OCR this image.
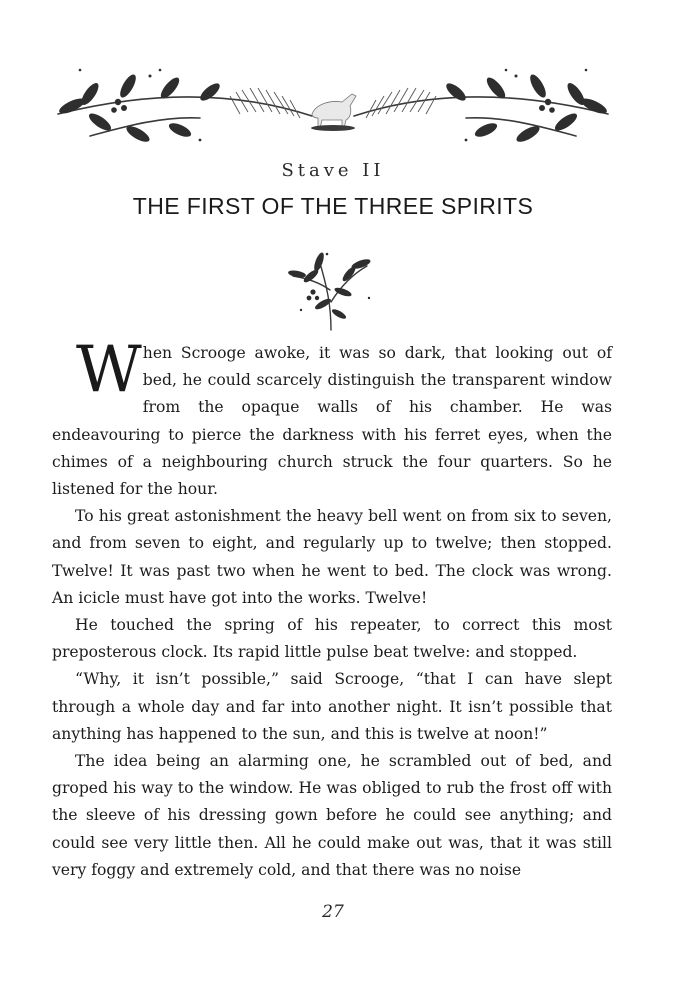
Stave II
THE FIRST OF THE THREE SPIRITS

When Scrooge awoke, it was so dark, that looking out of bed, he could scarcely distinguish the transparent window from the opaque walls of his chamber. He was endeavouring to pierce the darkness with his ferret eyes, when the chimes of a neighbouring church struck the four quarters. So he listened for the hour.

To his great astonishment the heavy bell went on from six to seven, and from seven to eight, and regularly up to twelve; then stopped. Twelve! It was past two when he went to bed. The clock was wrong. An icicle must have got into the works. Twelve!

He touched the spring of his repeater, to correct this most preposterous clock. Its rapid little pulse beat twelve: and stopped.

“Why, it isn’t possible,” said Scrooge, “that I can have slept through a whole day and far into another night. It isn’t possible that anything has happened to the sun, and this is twelve at noon!”

The idea being an alarming one, he scrambled out of bed, and groped his way to the window. He was obliged to rub the frost off with the sleeve of his dressing gown before he could see anything; and could see very little then. All he could make out was, that it was still very foggy and extremely cold, and that there was no noise

27
